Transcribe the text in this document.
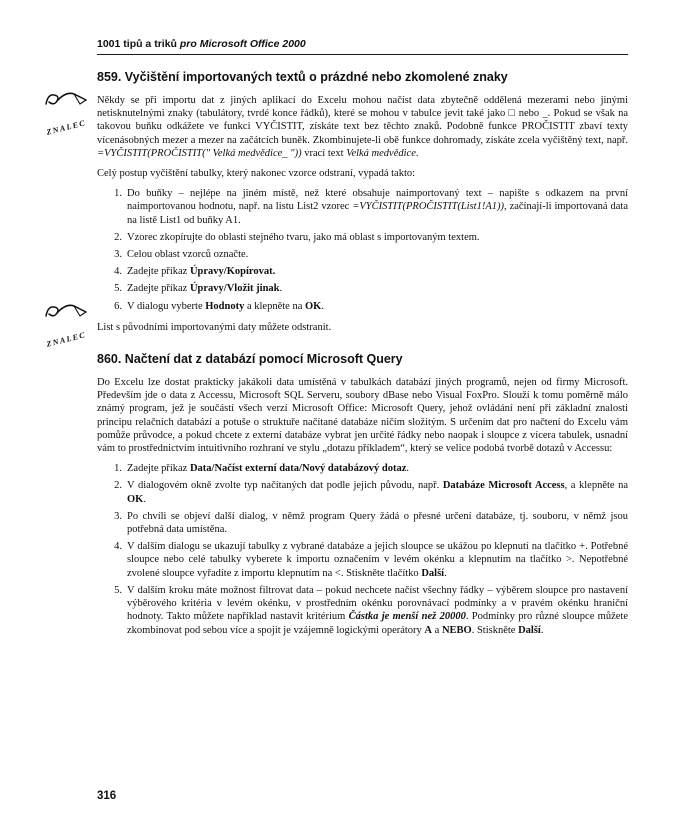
ZNALEC

ZNALEC
1001 tipů a triků pro Microsoft Office 2000
859. Vyčištění importovaných textů o prázdné nebo zkomolené znaky

Někdy se při importu dat z jiných aplikací do Excelu mohou načíst data zbytečně oddělená mezerami nebo jinými netisknutelnými znaky (tabulátory, tvrdé konce řádků), které se mohou v tabulce jevit také jako □ nebo _. Pokud se však na takovou buňku odkážete ve funkci VYČISTIT, získáte text bez těchto znaků. Podobně funkce PROČISTIT zbaví texty vícenásobných mezer a mezer na začátcích buněk. Zkombinujete-li obě funkce dohromady, získáte zcela vyčištěný text, např. =VYČISTIT(PROČISTIT(" Velká medvědice_ ")) vrací text Velká medvědice.

Celý postup vyčištění tabulky, který nakonec vzorce odstraní, vypadá takto:

1. Do buňky – nejlépe na jiném místě, než které obsahuje naimportovaný text – napište s odkazem na první naimportovanou hodnotu, např. na listu List2 vzorec =VYČISTIT(PROČISTIT(List1!A1)), začínají-li importovaná data na listě List1 od buňky A1.
2. Vzorec zkopírujte do oblasti stejného tvaru, jako má oblast s importovaným textem.
3. Celou oblast vzorců označte.
4. Zadejte příkaz Úpravy/Kopírovat.
5. Zadejte příkaz Úpravy/Vložit jinak.
6. V dialogu vyberte Hodnoty a klepněte na OK.

List s původními importovanými daty můžete odstranit.

860. Načtení dat z databází pomocí Microsoft Query

Do Excelu lze dostat prakticky jakákoli data umístěná v tabulkách databází jiných programů, nejen od firmy Microsoft. Především jde o data z Accessu, Microsoft SQL Serveru, soubory dBase nebo Visual FoxPro. Slouží k tomu poměrně málo známý program, jež je součástí všech verzí Microsoft Office: Microsoft Query, jehož ovládání není při základní znalosti principu relačních databází a potuše o struktuře načítané databáze ničím složitým. S určením dat pro načtení do Excelu vám pomůže průvodce, a pokud chcete z externí databáze vybrat jen určité řádky nebo naopak i sloupce z vícera tabulek, usnadní vám to prostřednictvím intuitivního rozhraní ve stylu „dotazu příkladem“, který se velice podobá tvorbě dotazů v Accessu:

1. Zadejte příkaz Data/Načíst externí data/Nový databázový dotaz.
2. V dialogovém okně zvolte typ načítaných dat podle jejich původu, např. Databáze Microsoft Access, a klepněte na OK.
3. Po chvíli se objeví další dialog, v němž program Query žádá o přesné určení databáze, tj. souboru, v němž jsou potřebná data umístěna.
4. V dalším dialogu se ukazují tabulky z vybrané databáze a jejich sloupce se ukážou po klepnutí na tlačítko +. Potřebné sloupce nebo celé tabulky vyberete k importu označením v levém okénku a klepnutím na tlačítko >. Nepotřebné zvolené sloupce vyřadíte z importu klepnutím na <. Stiskněte tlačítko Další.
5. V dalším kroku máte možnost filtrovat data – pokud nechcete načíst všechny řádky – výběrem sloupce pro nastavení výběrového kritéria v levém okénku, v prostředním okénku porovnávací podmínky a v pravém okénku hraniční hodnoty. Takto můžete například nastavit kritérium Částka je menší než 20000. Podmínky pro různé sloupce můžete zkombinovat pod sebou více a spojit je vzájemně logickými operátory A a NEBO. Stiskněte Další.
316
